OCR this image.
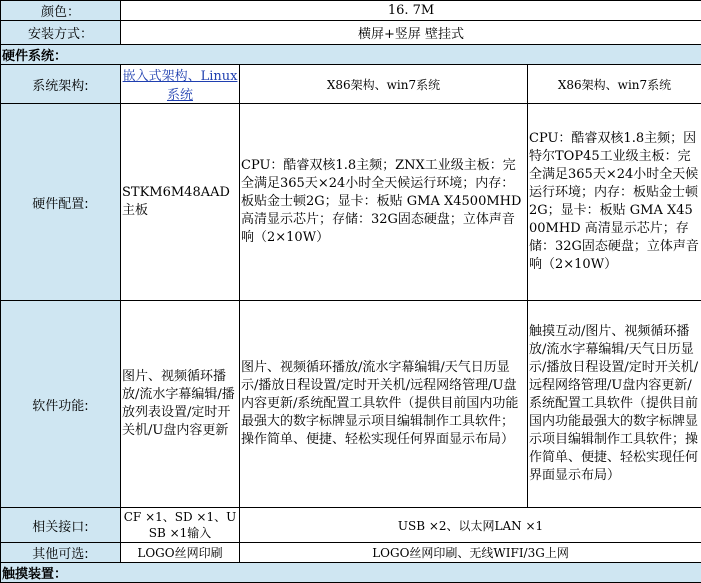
颜色：	16. 7M		
安装方式：	横屏+竖屏 壁挂式		
硬件系统：			
系统架构:	嵌入式架构、Linux系统	X86架构、win7系统	X86架构、win7系统
硬件配置:	STKM6M48AAD主板	CPU：酷睿双核1.8主频；ZNX工业级主板：完全满足365天×24小时全天候运行环境；内存：板贴金士顿2G；显卡：板贴 GMA X4500MHD 高清显示芯片；存储：32G固态硬盘；立体声音响（2×10W）	CPU：酷睿双核1.8主频；因特尔TOP45工业级主板：完全满足365天×24小时全天候运行环境；内存：板贴金士顿2G；显卡：板贴 GMA X4500MHD 高清显示芯片；存储：32G固态硬盘；立体声音响（2×10W）
软件功能:	图片、视频循环播放/流水字幕编辑/播放列表设置/定时开关机/U盘内容更新	图片、视频循环播放/流水字幕编辑/天气日历显示/播放日程设置/定时开关机/远程网络管理/U盘内容更新/系统配置工具软件（提供目前国内功能最强大的数字标牌显示项目编辑制作工具软件；操作简单、便捷、轻松实现任何界面显示布局）	触摸互动/图片、视频循环播放/流水字幕编辑/天气日历显示/播放日程设置/定时开关机/远程网络管理/U盘内容更新/系统配置工具软件（提供目前国内功能最强大的数字标牌显示项目编辑制作工具软件；操作简单、便捷、轻松实现任何界面显示布局）
相关接口:	CF ×1、SD ×1、USB ×1输入	USB ×2、以太网LAN ×1	
其他可选:	LOGO丝网印刷	LOGO丝网印刷、无线WIFI/3G上网	
触摸装置：			
